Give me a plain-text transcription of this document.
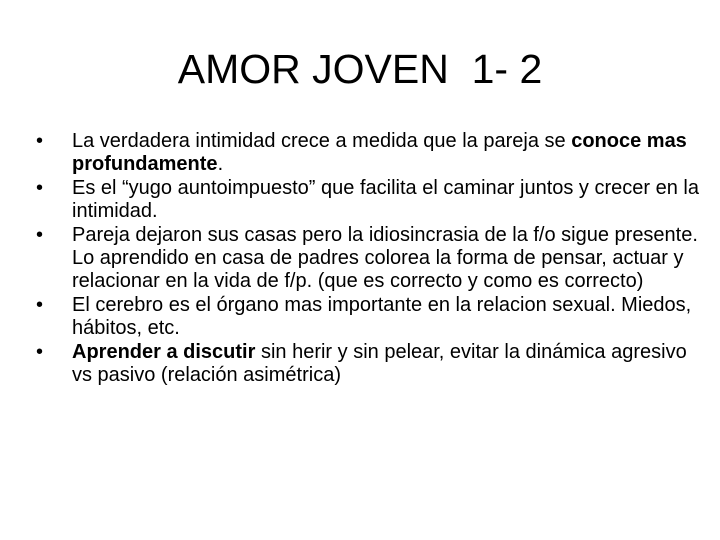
AMOR JOVEN  1- 2
•	La verdadera intimidad crece a medida que la pareja se conoce mas profundamente.
•	Es el “yugo auntoimpuesto” que facilita el caminar juntos y crecer en la intimidad.
•	Pareja dejaron sus casas pero la idiosincrasia de la f/o sigue presente. Lo aprendido en casa de padres colorea la forma de pensar, actuar y relacionar en la vida de f/p. (que es correcto y como es correcto)
•	El cerebro es el órgano mas importante en la relacion sexual. Miedos, hábitos, etc.
•	Aprender a discutir sin herir y sin pelear, evitar la dinámica agresivo vs pasivo (relación asimétrica)
